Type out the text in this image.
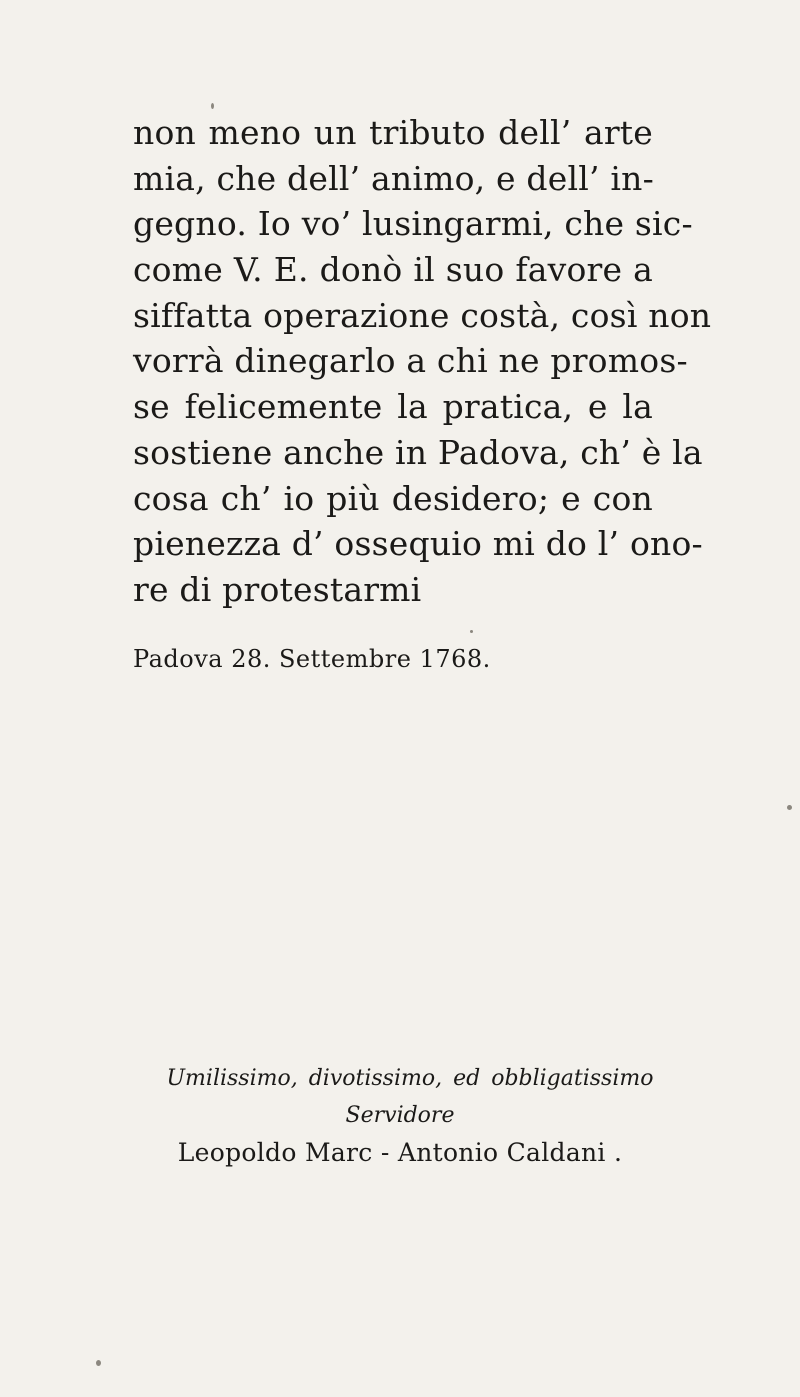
non meno un tributo dell’ arte
mia, che dell’ animo, e dell’ in-
gegno. Io vo’ lusingarmi, che sic-
come V. E. donò il suo favore a
siffatta operazione costà, così non
vorrà dinegarlo a chi ne promos-
se felicemente la pratica, e la
sostiene anche in Padova, ch’ è la
cosa ch’ io più desidero; e con
pienezza d’ ossequio mi do l’ ono-
re di protestarmi
Padova 28. Settembre 1768.
Umilissimo, divotissimo, ed obbligatissimo
Servidore
Leopoldo Marc - Antonio Caldani .
